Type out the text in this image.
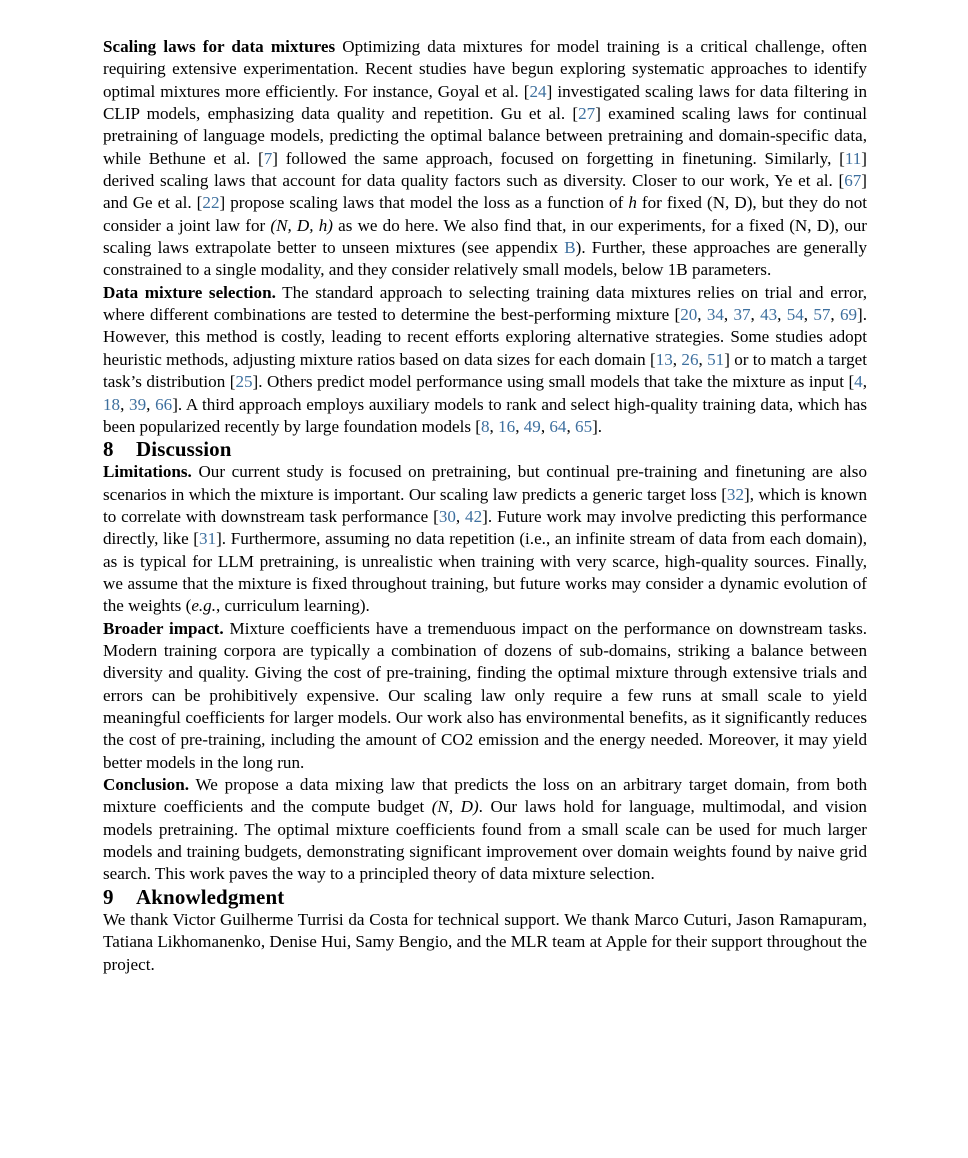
Scaling laws for data mixtures Optimizing data mixtures for model training is a critical challenge, often requiring extensive experimentation. Recent studies have begun exploring systematic approaches to identify optimal mixtures more efficiently. For instance, Goyal et al. [24] investigated scaling laws for data filtering in CLIP models, emphasizing data quality and repetition. Gu et al. [27] examined scaling laws for continual pretraining of language models, predicting the optimal balance between pretraining and domain-specific data, while Bethune et al. [7] followed the same approach, focused on forgetting in finetuning. Similarly, [11] derived scaling laws that account for data quality factors such as diversity. Closer to our work, Ye et al. [67] and Ge et al. [22] propose scaling laws that model the loss as a function of h for fixed (N, D), but they do not consider a joint law for (N, D, h) as we do here. We also find that, in our experiments, for a fixed (N, D), our scaling laws extrapolate better to unseen mixtures (see appendix B). Further, these approaches are generally constrained to a single modality, and they consider relatively small models, below 1B parameters.

Data mixture selection. The standard approach to selecting training data mixtures relies on trial and error, where different combinations are tested to determine the best-performing mixture [20, 34, 37, 43, 54, 57, 69]. However, this method is costly, leading to recent efforts exploring alternative strategies. Some studies adopt heuristic methods, adjusting mixture ratios based on data sizes for each domain [13, 26, 51] or to match a target task’s distribution [25]. Others predict model performance using small models that take the mixture as input [4, 18, 39, 66]. A third approach employs auxiliary models to rank and select high-quality training data, which has been popularized recently by large foundation models [8, 16, 49, 64, 65].

8 Discussion

Limitations. Our current study is focused on pretraining, but continual pre-training and finetuning are also scenarios in which the mixture is important. Our scaling law predicts a generic target loss [32], which is known to correlate with downstream task performance [30, 42]. Future work may involve predicting this performance directly, like [31]. Furthermore, assuming no data repetition (i.e., an infinite stream of data from each domain), as is typical for LLM pretraining, is unrealistic when training with very scarce, high-quality sources. Finally, we assume that the mixture is fixed throughout training, but future works may consider a dynamic evolution of the weights (e.g., curriculum learning).

Broader impact. Mixture coefficients have a tremenduous impact on the performance on downstream tasks. Modern training corpora are typically a combination of dozens of sub-domains, striking a balance between diversity and quality. Giving the cost of pre-training, finding the optimal mixture through extensive trials and errors can be prohibitively expensive. Our scaling law only require a few runs at small scale to yield meaningful coefficients for larger models. Our work also has environmental benefits, as it significantly reduces the cost of pre-training, including the amount of CO2 emission and the energy needed. Moreover, it may yield better models in the long run.

Conclusion. We propose a data mixing law that predicts the loss on an arbitrary target domain, from both mixture coefficients and the compute budget (N, D). Our laws hold for language, multimodal, and vision models pretraining. The optimal mixture coefficients found from a small scale can be used for much larger models and training budgets, demonstrating significant improvement over domain weights found by naive grid search. This work paves the way to a principled theory of data mixture selection.

9 Aknowledgment

We thank Victor Guilherme Turrisi da Costa for technical support. We thank Marco Cuturi, Jason Ramapuram, Tatiana Likhomanenko, Denise Hui, Samy Bengio, and the MLR team at Apple for their support throughout the project.
